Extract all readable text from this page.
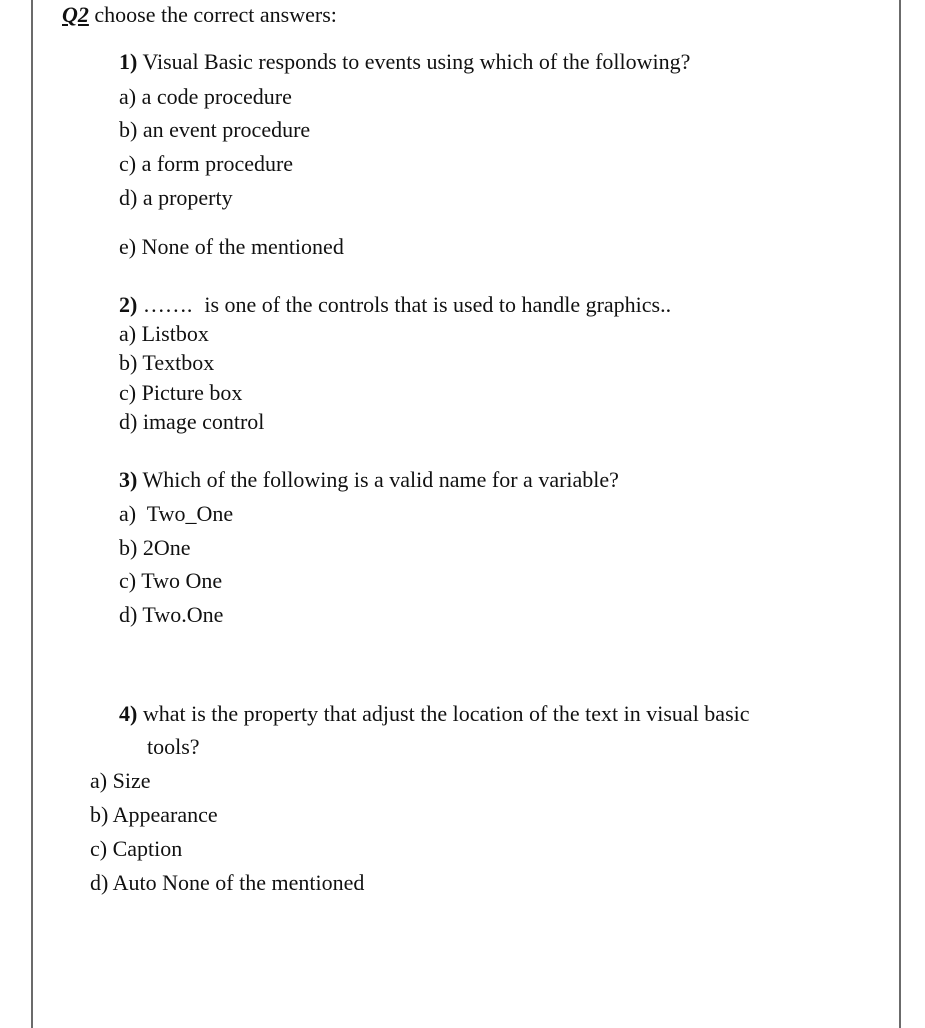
Q2 choose the correct answers:
1) Visual Basic responds to events using which of the following?
a) a code procedure
b) an event procedure
c) a form procedure
d) a property
e) None of the mentioned
2) ……. is one of the controls that is used to handle graphics..
a) Listbox
b) Textbox
c) Picture box
d) image control
3) Which of the following is a valid name for a variable?
a)  Two_One
b) 2One
c) Two One
d) Two.One
4) what is the property that adjust the location of the text in visual basic
tools?
a) Size
b) Appearance
c) Caption
d) Auto None of the mentioned
